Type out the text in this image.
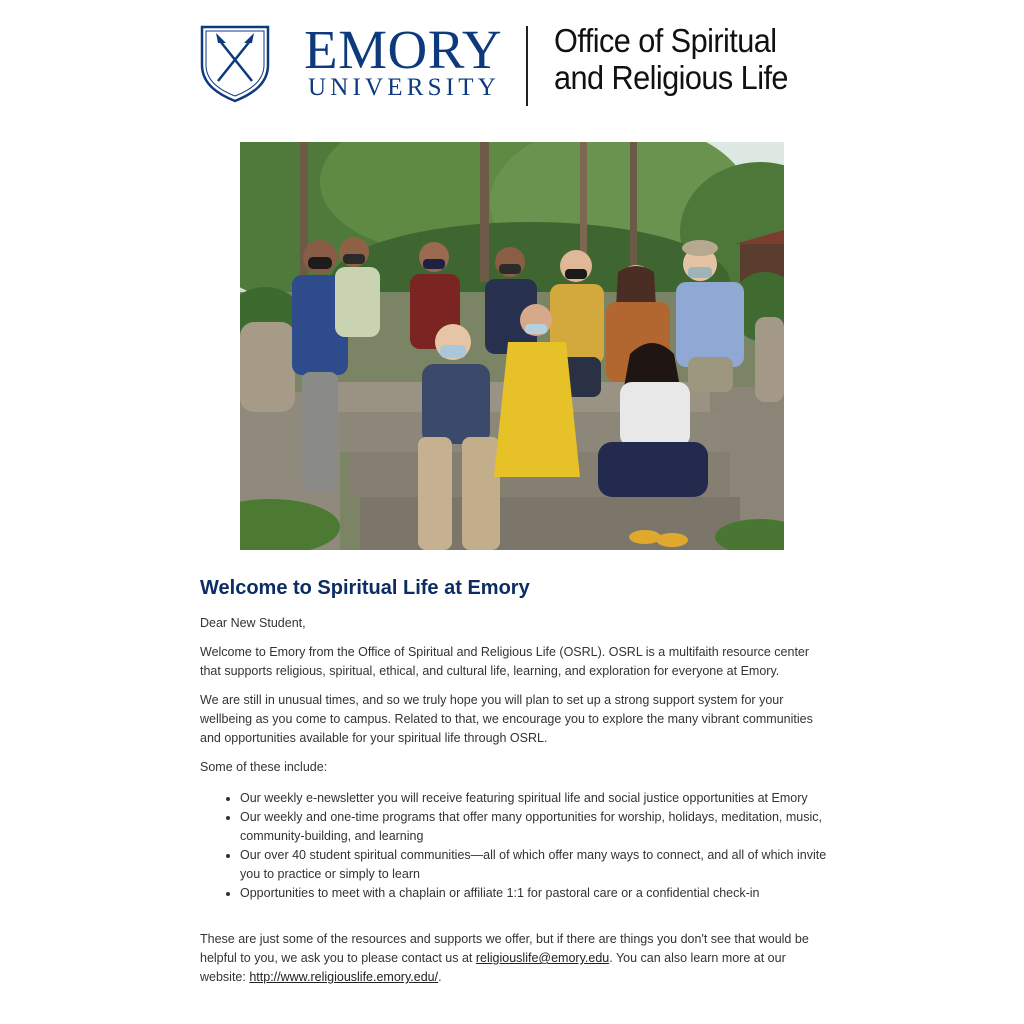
EMORY
UNIVERSITY
Office of Spiritual
and Religious Life
Welcome to Spiritual Life at Emory

Dear New Student,

Welcome to Emory from the Office of Spiritual and Religious Life (OSRL). OSRL is a multifaith resource center that supports religious, spiritual, ethical, and cultural life, learning, and exploration for everyone at Emory.

We are still in unusual times, and so we truly hope you will plan to set up a strong support system for your wellbeing as you come to campus. Related to that, we encourage you to explore the many vibrant communities and opportunities available for your spiritual life through OSRL.

Some of these include:

• Our weekly e-newsletter you will receive featuring spiritual life and social justice opportunities at Emory
• Our weekly and one-time programs that offer many opportunities for worship, holidays, meditation, music, community-building, and learning
• Our over 40 student spiritual communities—all of which offer many ways to connect, and all of which invite you to practice or simply to learn
• Opportunities to meet with a chaplain or affiliate 1:1 for pastoral care or a confidential check-in

These are just some of the resources and supports we offer, but if there are things you don't see that would be helpful to you, we ask you to please contact us at religiouslife@emory.edu. You can also learn more at our website: http://www.religiouslife.emory.edu/.
